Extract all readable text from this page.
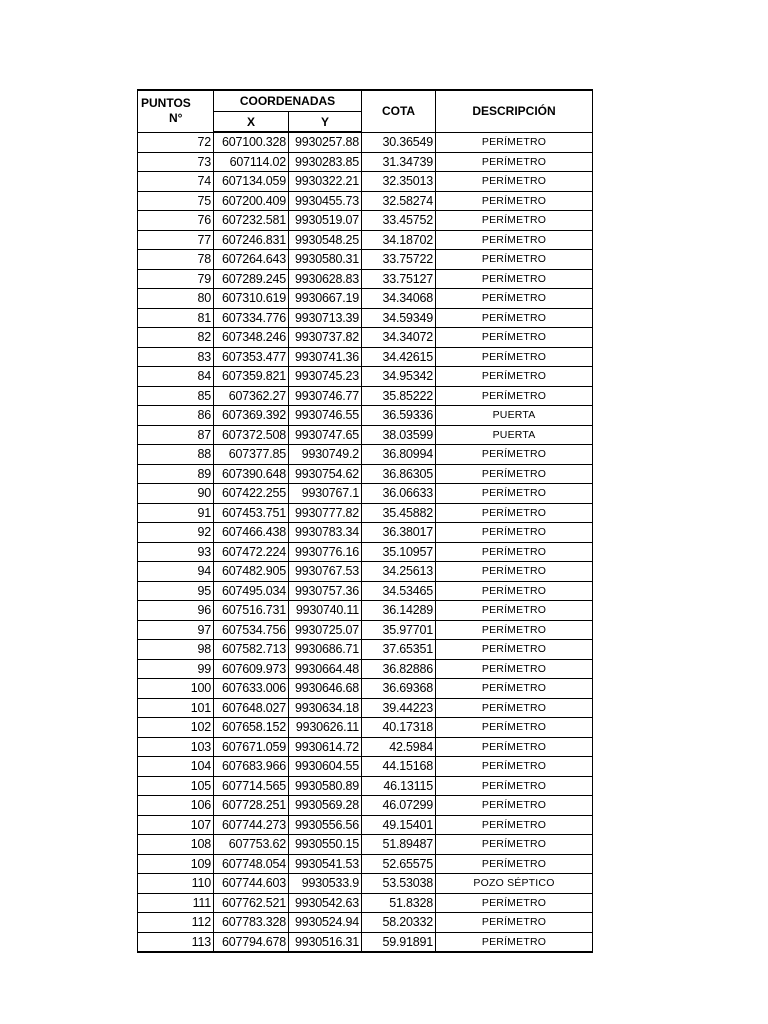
PUNTOS
N°	COORDENADAS		COTA	DESCRIPCIÓN
	X	Y		
72	607100.328	9930257.88	30.36549	PERÍMETRO
73	607114.02	9930283.85	31.34739	PERÍMETRO
74	607134.059	9930322.21	32.35013	PERÍMETRO
75	607200.409	9930455.73	32.58274	PERÍMETRO
76	607232.581	9930519.07	33.45752	PERÍMETRO
77	607246.831	9930548.25	34.18702	PERÍMETRO
78	607264.643	9930580.31	33.75722	PERÍMETRO
79	607289.245	9930628.83	33.75127	PERÍMETRO
80	607310.619	9930667.19	34.34068	PERÍMETRO
81	607334.776	9930713.39	34.59349	PERÍMETRO
82	607348.246	9930737.82	34.34072	PERÍMETRO
83	607353.477	9930741.36	34.42615	PERÍMETRO
84	607359.821	9930745.23	34.95342	PERÍMETRO
85	607362.27	9930746.77	35.85222	PERÍMETRO
86	607369.392	9930746.55	36.59336	PUERTA
87	607372.508	9930747.65	38.03599	PUERTA
88	607377.85	9930749.2	36.80994	PERÍMETRO
89	607390.648	9930754.62	36.86305	PERÍMETRO
90	607422.255	9930767.1	36.06633	PERÍMETRO
91	607453.751	9930777.82	35.45882	PERÍMETRO
92	607466.438	9930783.34	36.38017	PERÍMETRO
93	607472.224	9930776.16	35.10957	PERÍMETRO
94	607482.905	9930767.53	34.25613	PERÍMETRO
95	607495.034	9930757.36	34.53465	PERÍMETRO
96	607516.731	9930740.11	36.14289	PERÍMETRO
97	607534.756	9930725.07	35.97701	PERÍMETRO
98	607582.713	9930686.71	37.65351	PERÍMETRO
99	607609.973	9930664.48	36.82886	PERÍMETRO
100	607633.006	9930646.68	36.69368	PERÍMETRO
101	607648.027	9930634.18	39.44223	PERÍMETRO
102	607658.152	9930626.11	40.17318	PERÍMETRO
103	607671.059	9930614.72	42.5984	PERÍMETRO
104	607683.966	9930604.55	44.15168	PERÍMETRO
105	607714.565	9930580.89	46.13115	PERÍMETRO
106	607728.251	9930569.28	46.07299	PERÍMETRO
107	607744.273	9930556.56	49.15401	PERÍMETRO
108	607753.62	9930550.15	51.89487	PERÍMETRO
109	607748.054	9930541.53	52.65575	PERÍMETRO
110	607744.603	9930533.9	53.53038	POZO SÉPTICO
111	607762.521	9930542.63	51.8328	PERÍMETRO
112	607783.328	9930524.94	58.20332	PERÍMETRO
113	607794.678	9930516.31	59.91891	PERÍMETRO
